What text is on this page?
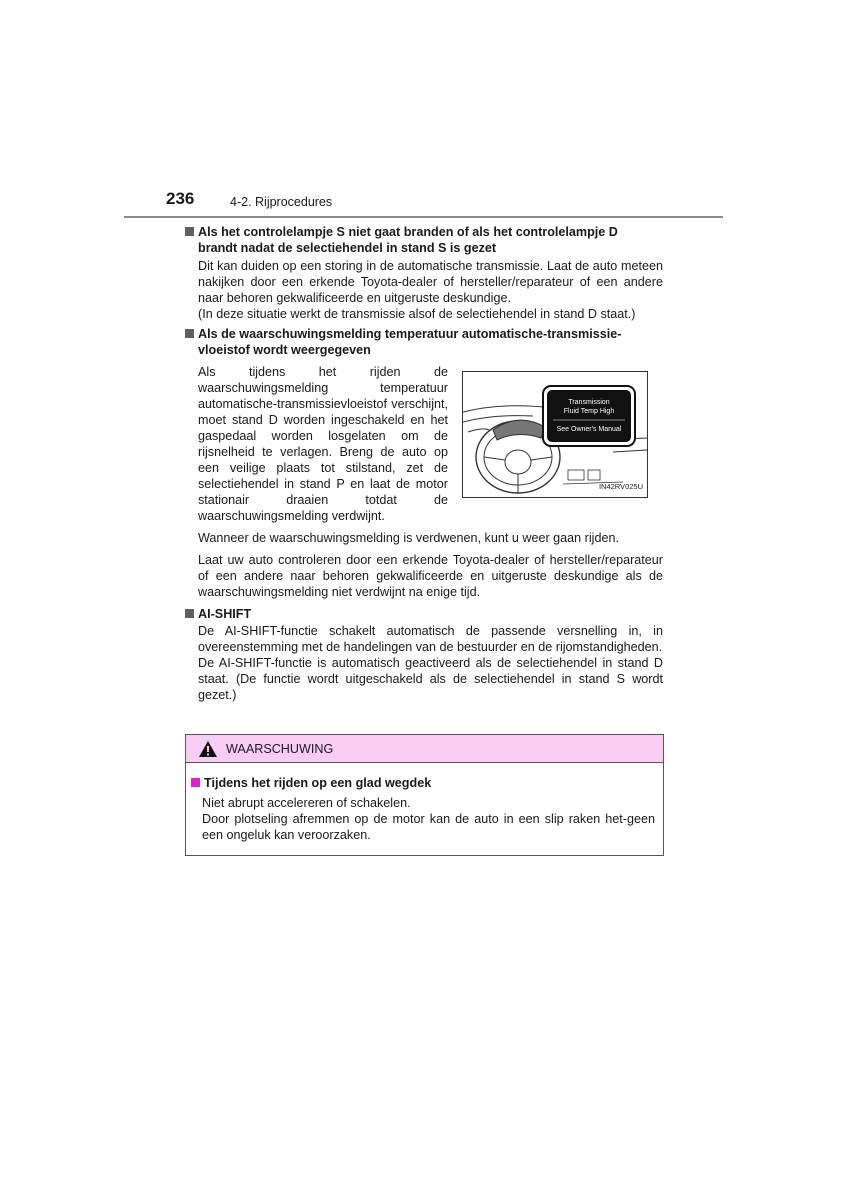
236	4-2. Rijprocedures
Als het controlelampje S niet gaat branden of als het controlelampje D
brandt nadat de selectiehendel in stand S is gezet

Dit kan duiden op een storing in de automatische transmissie. Laat de auto meteen nakijken door een erkende Toyota-dealer of hersteller/reparateur of een andere naar behoren gekwalificeerde en uitgeruste deskundige.

(In deze situatie werkt de transmissie alsof de selectiehendel in stand D staat.)

Als de waarschuwingsmelding temperatuur automatische-transmissie-
vloeistof wordt weergegeven

Als tijdens het rijden de waarschuwingsmelding temperatuur automatische-transmissievloeistof verschijnt, moet stand D worden ingeschakeld en het gaspedaal worden losgelaten om de rijsnelheid te verlagen. Breng de auto op een veilige plaats tot stilstand, zet de selectiehendel in stand P en laat de motor stationair draaien totdat de waarschuwingsmelding verdwijnt.

Transmission
Fluid Temp High
See Owner's Manual
IN42RV025U

Wanneer de waarschuwingsmelding is verdwenen, kunt u weer gaan rijden.

Laat uw auto controleren door een erkende Toyota-dealer of hersteller/reparateur of een andere naar behoren gekwalificeerde en uitgeruste deskundige als de waarschuwingsmelding niet verdwijnt na enige tijd.

AI-SHIFT

De AI-SHIFT-functie schakelt automatisch de passende versnelling in, in overeenstemming met de handelingen van de bestuurder en de rijomstandigheden.

De AI-SHIFT-functie is automatisch geactiveerd als de selectiehendel in stand D staat. (De functie wordt uitgeschakeld als de selectiehendel in stand S wordt gezet.)

WAARSCHUWING
Tijdens het rijden op een glad wegdek

Niet abrupt accelereren of schakelen.

Door plotseling afremmen op de motor kan de auto in een slip raken het-geen een ongeluk kan veroorzaken.
